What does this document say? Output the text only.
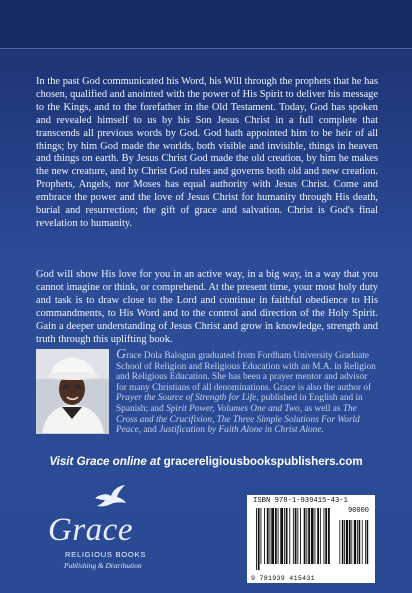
In the past God communicated his Word, his Will through the prophets that he has chosen, qualified and anointed with the power of His Spirit to deliver his message to the Kings, and to the forefather in the Old Testament. Today, God has spoken and revealed himself to us by his Son Jesus Christ in a full complete that transcends all previous words by God. God hath appointed him to be heir of all things; by him God made the worlds, both visible and invisible, things in heaven and things on earth. By Jesus Christ God made the old creation, by him he makes the new creature, and by Christ God rules and governs both old and new creation. Prophets, Angels, nor Moses has equal authority with Jesus Christ. Come and embrace the power and the love of Jesus Christ for humanity through His death, burial and resurrection; the gift of grace and salvation. Christ is God's final revelation to humanity.

God will show His love for you in an active way, in a big way, in a way that you cannot imagine or think, or comprehend. At the present time, your most holy duty and task is to draw close to the Lord and continue in faithful obedience to His commandments, to His Word and to the control and direction of the Holy Spirit. Gain a deeper understanding of Jesus Christ and grow in knowledge, strength and truth through this uplifting book.

Grace Dola Balogun graduated from Fordham University Graduate School of Religion and Religious Education with an M.A. in Religion and Religious Education. She has been a prayer mentor and advisor for many Christians of all denominations. Grace is also the author of Prayer the Source of Strength for Life, published in English and in Spanish; and Spirit Power, Volumes One and Two, as well as The Cross and the Crucifixion, The Three Simple Solutions For World Peace, and Justification by Faith Alone in Christ Alone.

Visit Grace online at gracereligiousbookspublishers.com

Grace

RELIGIOUS BOOKS

Publishing & Distribution

ISBN 978-1-939415-43-1

90000

9 781939 415431
